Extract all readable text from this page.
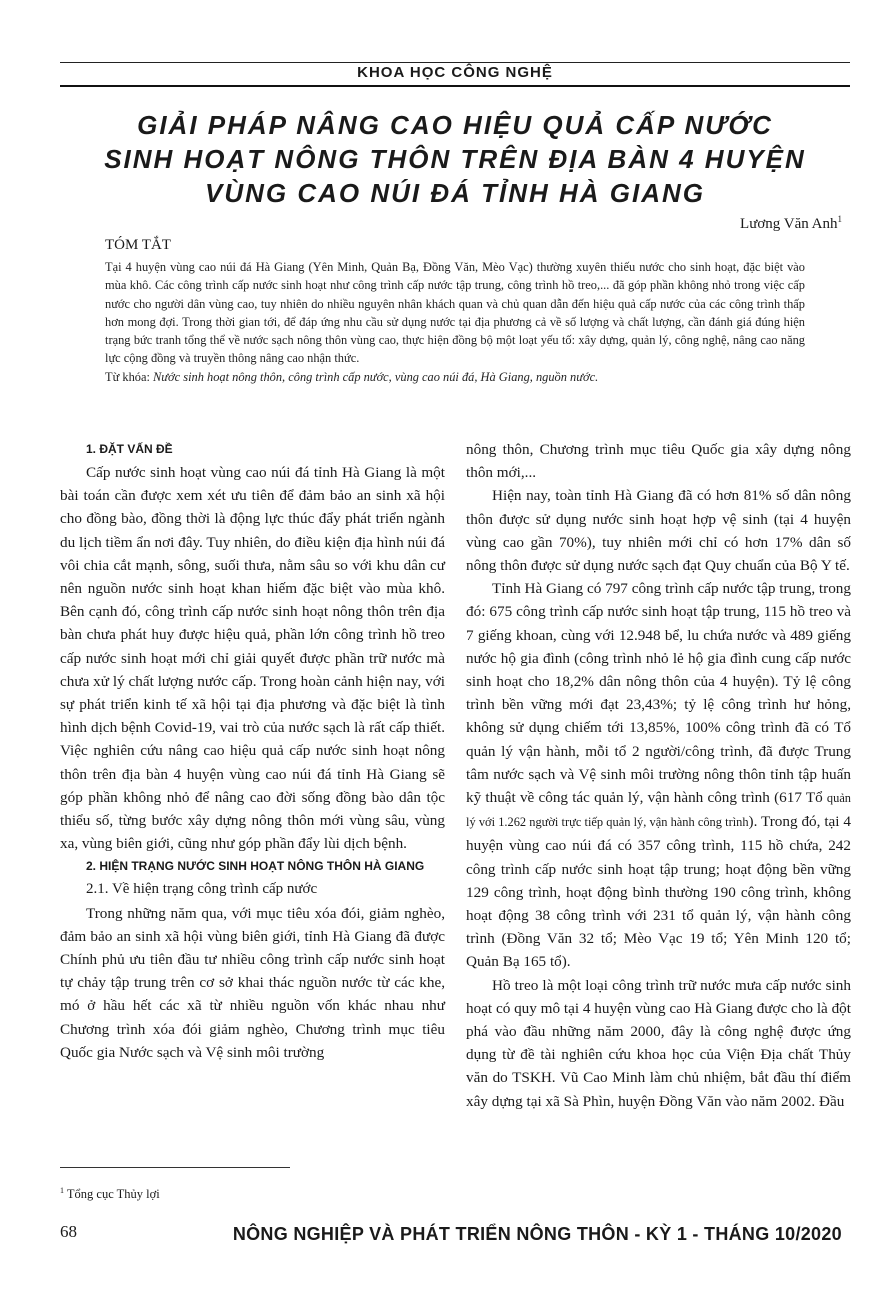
KHOA HỌC CÔNG NGHỆ
GIẢI PHÁP NÂNG CAO HIỆU QUẢ CẤP NƯỚC
SINH HOẠT NÔNG THÔN TRÊN ĐỊA BÀN 4 HUYỆN
VÙNG CAO NÚI ĐÁ TỈNH HÀ GIANG
Lương Văn Anh$^1$
TÓM TẮT
Tại 4 huyện vùng cao núi đá Hà Giang (Yên Minh, Quản Bạ, Đồng Văn, Mèo Vạc) thường xuyên thiếu nước cho sinh hoạt, đặc biệt vào mùa khô. Các công trình cấp nước sinh hoạt như công trình cấp nước tập trung, công trình hồ treo,... đã góp phần không nhỏ trong việc cấp nước cho người dân vùng cao, tuy nhiên do nhiều nguyên nhân khách quan và chủ quan dẫn đến hiệu quả cấp nước của các công trình thấp hơn mong đợi. Trong thời gian tới, để đáp ứng nhu cầu sử dụng nước tại địa phương cả về số lượng và chất lượng, cần đánh giá đúng hiện trạng bức tranh tổng thể về nước sạch nông thôn vùng cao, thực hiện đồng bộ một loạt yếu tố: xây dựng, quản lý, công nghệ, nâng cao năng lực cộng đồng và truyền thông nâng cao nhận thức.
Từ khóa: Nước sinh hoạt nông thôn, công trình cấp nước, vùng cao núi đá, Hà Giang, nguồn nước.

1. ĐẶT VẤN ĐỀ

Cấp nước sinh hoạt vùng cao núi đá tỉnh Hà Giang là một bài toán cần được xem xét ưu tiên để đảm bảo an sinh xã hội cho đồng bào, đồng thời là động lực thúc đẩy phát triển ngành du lịch tiềm ẩn nơi đây. Tuy nhiên, do điều kiện địa hình núi đá vôi chia cắt mạnh, sông, suối thưa, nằm sâu so với khu dân cư nên nguồn nước sinh hoạt khan hiếm đặc biệt vào mùa khô. Bên cạnh đó, công trình cấp nước sinh hoạt nông thôn trên địa bàn chưa phát huy được hiệu quả, phần lớn công trình hồ treo cấp nước sinh hoạt mới chỉ giải quyết được phần trữ nước mà chưa xử lý chất lượng nước cấp. Trong hoàn cảnh hiện nay, với sự phát triển kinh tế xã hội tại địa phương và đặc biệt là tình hình dịch bệnh Covid-19, vai trò của nước sạch là rất cấp thiết. Việc nghiên cứu nâng cao hiệu quả cấp nước sinh hoạt nông thôn trên địa bàn 4 huyện vùng cao núi đá tỉnh Hà Giang sẽ góp phần không nhỏ để nâng cao đời sống đồng bào dân tộc thiểu số, từng bước xây dựng nông thôn mới vùng sâu, vùng xa, vùng biên giới, cũng như góp phần đẩy lùi dịch bệnh.

2. HIỆN TRẠNG NƯỚC SINH HOẠT NÔNG THÔN HÀ GIANG

2.1. Về hiện trạng công trình cấp nước

Trong những năm qua, với mục tiêu xóa đói, giảm nghèo, đảm bảo an sinh xã hội vùng biên giới, tỉnh Hà Giang đã được Chính phủ ưu tiên đầu tư nhiều công trình cấp nước sinh hoạt tự chảy tập trung trên cơ sở khai thác nguồn nước từ các khe, mó ở hầu hết các xã từ nhiều nguồn vốn khác nhau như Chương trình xóa đói giảm nghèo, Chương trình mục tiêu Quốc gia Nước sạch và Vệ sinh môi trường

nông thôn, Chương trình mục tiêu Quốc gia xây dựng nông thôn mới,...

Hiện nay, toàn tỉnh Hà Giang đã có hơn 81% số dân nông thôn được sử dụng nước sinh hoạt hợp vệ sinh (tại 4 huyện vùng cao gần 70%), tuy nhiên mới chỉ có hơn 17% dân số nông thôn được sử dụng nước sạch đạt Quy chuẩn của Bộ Y tế.

Tỉnh Hà Giang có 797 công trình cấp nước tập trung, trong đó: 675 công trình cấp nước sinh hoạt tập trung, 115 hồ treo và 7 giếng khoan, cùng với 12.948 bể, lu chứa nước và 489 giếng nước hộ gia đình (công trình nhỏ lẻ hộ gia đình cung cấp nước sinh hoạt cho 18,2% dân nông thôn của 4 huyện). Tỷ lệ công trình bền vững mới đạt 23,43%; tỷ lệ công trình hư hỏng, không sử dụng chiếm tới 13,85%, 100% công trình đã có Tổ quản lý vận hành, mỗi tổ 2 người/công trình, đã được Trung tâm nước sạch và Vệ sinh môi trường nông thôn tỉnh tập huấn kỹ thuật về công tác quản lý, vận hành công trình (617 Tổ quản lý với 1.262 người trực tiếp quản lý, vận hành công trình). Trong đó, tại 4 huyện vùng cao núi đá có 357 công trình, 115 hồ chứa, 242 công trình cấp nước sinh hoạt tập trung; hoạt động bền vững 129 công trình, hoạt động bình thường 190 công trình, không hoạt động 38 công trình với 231 tổ quản lý, vận hành công trình (Đồng Văn 32 tổ; Mèo Vạc 19 tổ; Yên Minh 120 tổ; Quản Bạ 165 tổ).

Hồ treo là một loại công trình trữ nước mưa cấp nước sinh hoạt có quy mô tại 4 huyện vùng cao Hà Giang được cho là đột phá vào đầu những năm 2000, đây là công nghệ được ứng dụng từ đề tài nghiên cứu khoa học của Viện Địa chất Thủy văn do TSKH. Vũ Cao Minh làm chủ nhiệm, bắt đầu thí điểm xây dựng tại xã Sà Phìn, huyện Đồng Văn vào năm 2002. Đầu

$^1$ Tổng cục Thủy lợi
68	NÔNG NGHIỆP VÀ PHÁT TRIỂN NÔNG THÔN - KỲ 1 - THÁNG 10/2020
